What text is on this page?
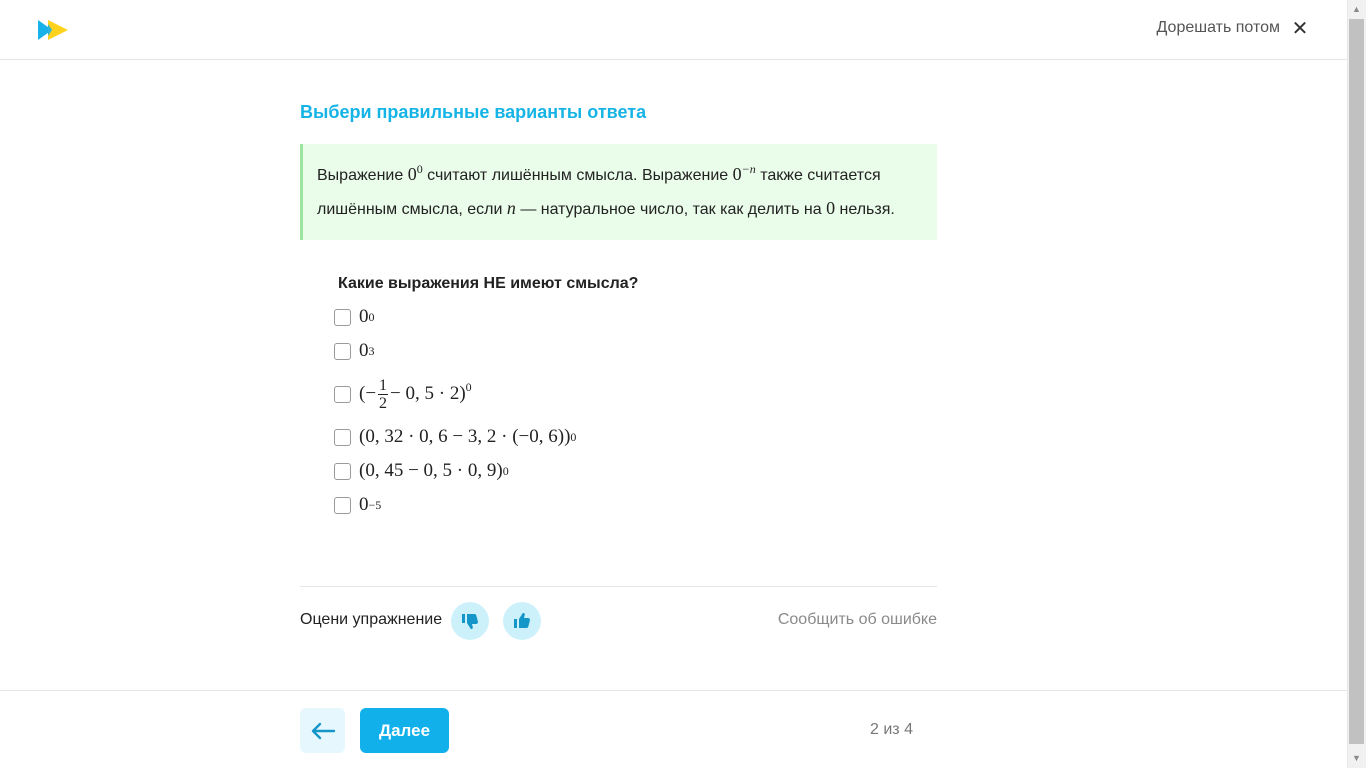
Дорешать потом ✕
▲
▼
Выбери правильные варианты ответа
Выражение $0^0$ считают лишённым смысла. Выражение $0^{-n}$ также считается лишённым смысла, если n — натуральное число, так как делить на 0 нельзя.
Какие выражения НЕ имеют смысла?
0 0
0 3
(− $\frac{1}{2} - 0$, 5 · 2) 0
(0, 32 · 0, 6 − 3, 2 · (−0, 6)) 0
(0, 45 − 0, 5 · 0, 9) 0
0 −5
Оцени упражнение	Сообщить об ошибке
Далее	2 из 4
